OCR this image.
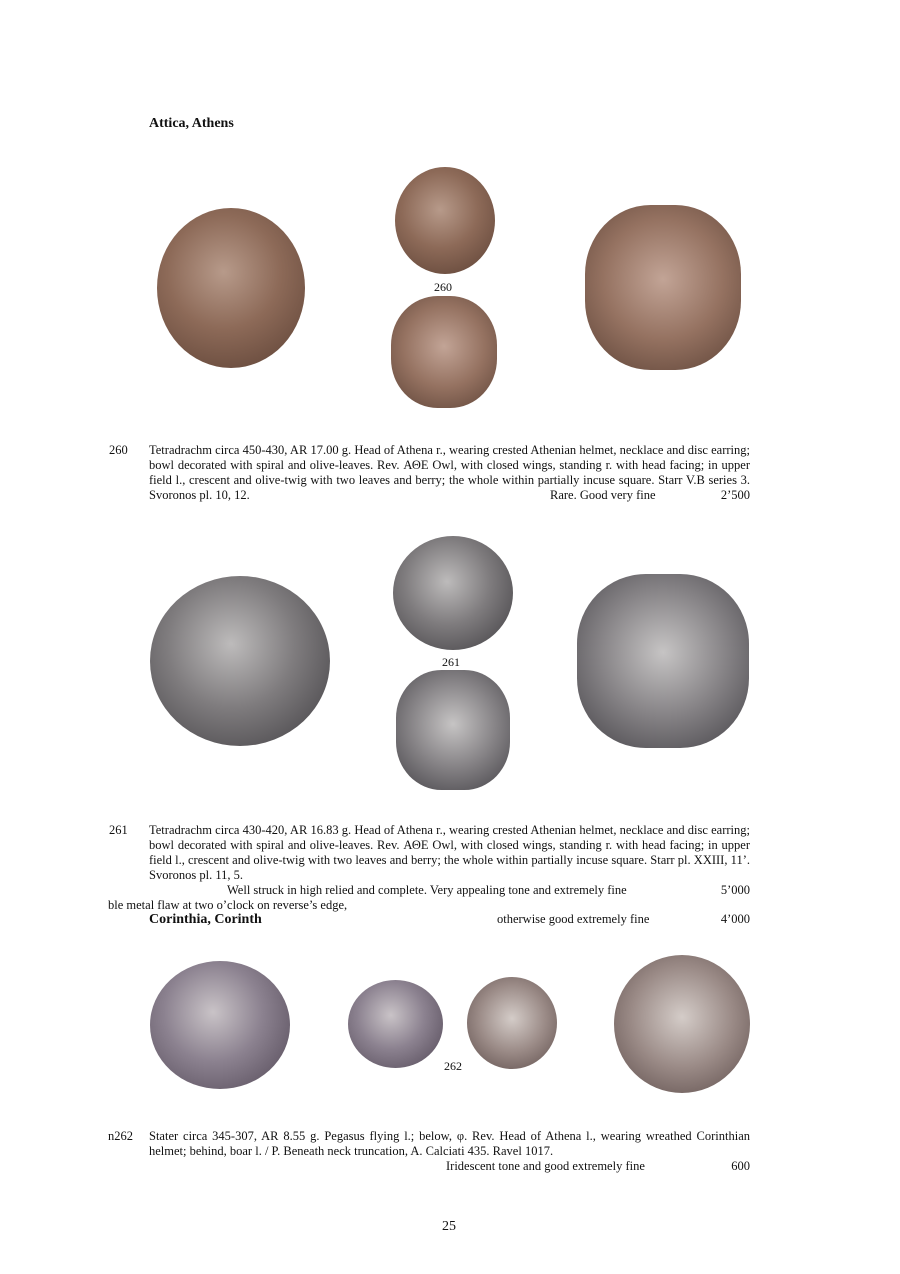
Attica, Athens
260
260 Tetradrachm circa 450-430, AR 17.00 g. Head of Athena r., wearing crested Athenian helmet, necklace and disc earring; bowl decorated with spiral and olive-leaves. Rev. ΑΘΕ Owl, with closed wings, standing r. with head facing; in upper field l., crescent and olive-twig with two leaves and berry; the whole within partially incuse square. Starr V.B series 3. Svoronos pl. 10, 12.	Rare. Good very fine	2’500
261
261 Tetradrachm circa 430-420, AR 16.83 g. Head of Athena r., wearing crested Athenian helmet, necklace and disc earring; bowl decorated with spiral and olive-leaves. Rev. ΑΘΕ Owl, with closed wings, standing r. with head facing; in upper field l., crescent and olive-twig with two leaves and berry; the whole within partially incuse square. Starr pl. XXIII, 11’. Svoronos pl. 11, 5.
Well struck in high relied and complete. Very appealing tone and extremely fine	5’000
ble metal flaw at two o’clock on reverse’s edge,
Corinthia, Corinth	otherwise good extremely fine	4’000
262
n262 Stater circa 345-307, AR 8.55 g. Pegasus flying l.; below, φ. Rev. Head of Athena l., wearing wreathed Corinthian helmet; behind, boar l. / P. Beneath neck truncation, A. Calciati 435. Ravel 1017.
Iridescent tone and good extremely fine	600
25
